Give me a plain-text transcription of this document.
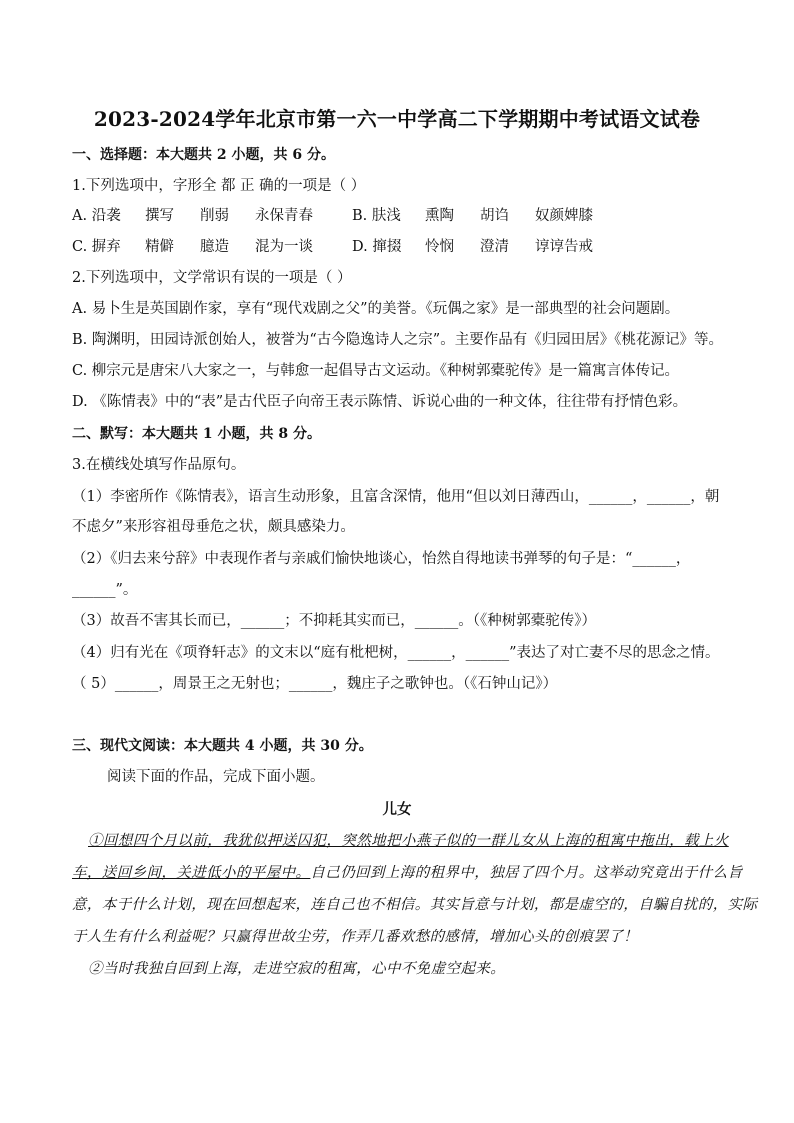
2023-2024学年北京市第一六一中学高二下学期期中考试语文试卷
一、选择题：本大题共 2 小题，共 6 分。
1.下列选项中，字形全 都 正 确的一项是（ ）
A. 沿袭 撰写 削弱 永保青春	B. 肤浅 熏陶 胡诌 奴颜婢膝
C. 摒弃 精僻 臆造 混为一谈	D. 撺掇 怜悯 澄清 谆谆告戒
2.下列选项中，文学常识有误的一项是（ ）
A. 易卜生是英国剧作家，享有“现代戏剧之父”的美誉。《玩偶之家》是一部典型的社会问题剧。
B. 陶渊明，田园诗派创始人，被誉为“古今隐逸诗人之宗”。主要作品有《归园田居》《桃花源记》等。
C. 柳宗元是唐宋八大家之一，与韩愈一起倡导古文运动。《种树郭橐驼传》是一篇寓言体传记。
D. 《陈情表》中的“表”是古代臣子向帝王表示陈情、诉说心曲的一种文体，往往带有抒情色彩。
二、默写：本大题共 1 小题，共 8 分。
3.在横线处填写作品原句。
（1）李密所作《陈情表》，语言生动形象，且富含深情，他用“但以刘日薄西山，______，______，朝
不虑夕”来形容祖母垂危之状，颇具感染力。
（2）《归去来兮辞》中表现作者与亲戚们愉快地谈心，怡然自得地读书弹琴的句子是：“______，
______”。
（3）故吾不害其长而已，______；不抑耗其实而已，______。（《种树郭橐驼传》）
（4）归有光在《项脊轩志》的文末以“庭有枇杷树，______，______”表达了对亡妻不尽的思念之情。
（ 5）______，周景王之无射也；______，魏庄子之歌钟也。（《石钟山记》）
三、现代文阅读：本大题共 4 小题，共 30 分。
阅读下面的作品，完成下面小题。
儿女
①回想四个月以前，我犹似押送囚犯，突然地把小燕子似的一群儿女从上海的租寓中拖出，载上火
车，送回乡间，关进低小的平屋中。自己仍回到上海的租界中，独居了四个月。这举动究竟出于什么旨
意，本于什么计划，现在回想起来，连自己也不相信。其实旨意与计划，都是虚空的，自騙自扰的，实际
于人生有什么利益呢？只赢得世故尘劳，作弄几番欢愁的感情，增加心头的创痕罢了！
②当时我独自回到上海，走进空寂的租寓，心中不免虚空起来。
